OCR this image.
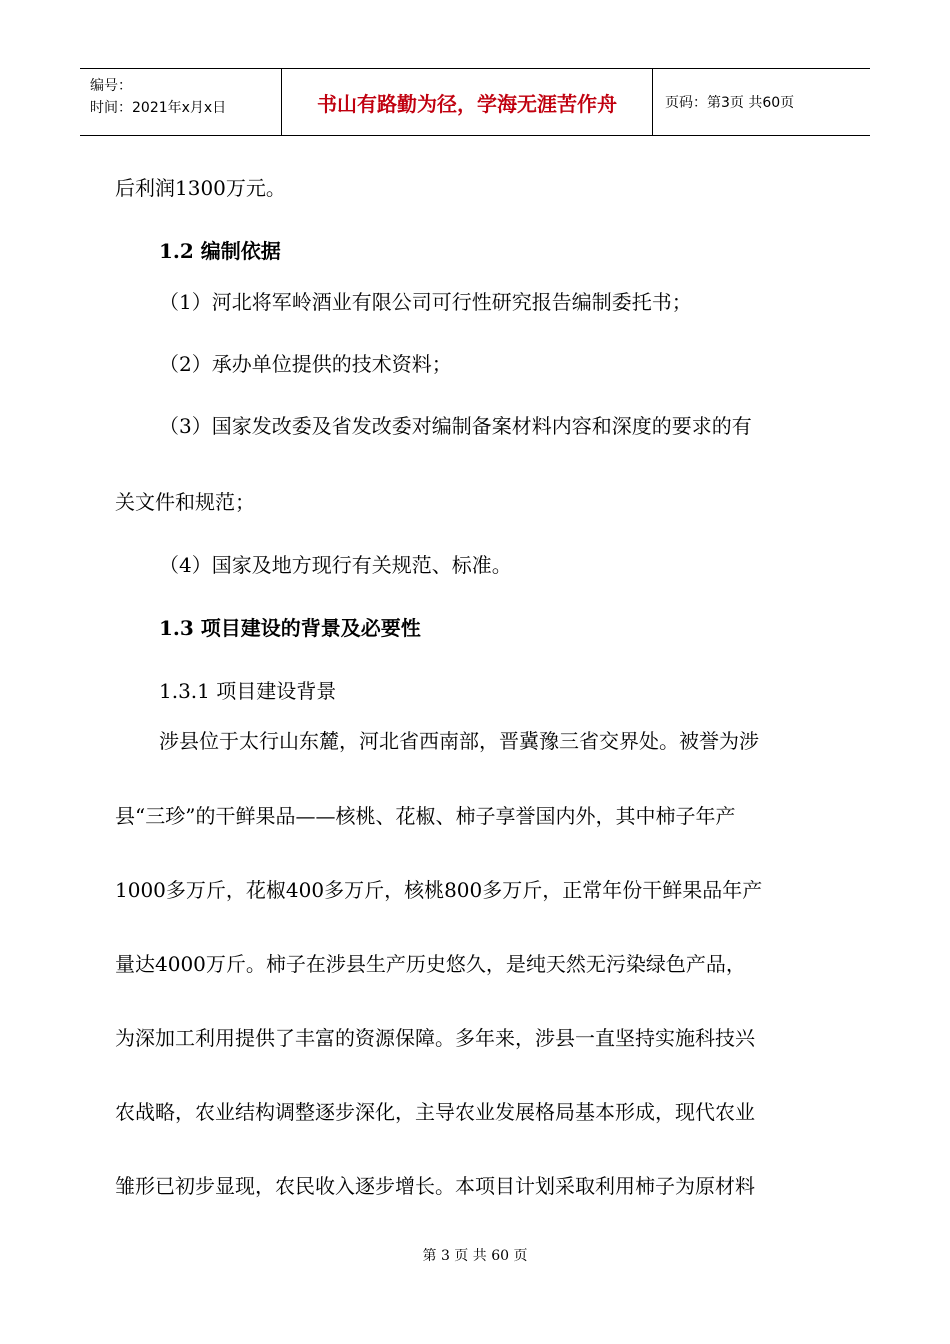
编号：
时间：2021年x月x日	书山有路勤为径，学海无涯苦作舟	页码：第3页 共60页
后利润1300万元。
1.2 编制依据
（1）河北将军岭酒业有限公司可行性研究报告编制委托书；
（2）承办单位提供的技术资料；
（3）国家发改委及省发改委对编制备案材料内容和深度的要求的有
关文件和规范；
（4）国家及地方现行有关规范、标准。
1.3 项目建设的背景及必要性
1.3.1 项目建设背景
涉县位于太行山东麓，河北省西南部，晋冀豫三省交界处。被誉为涉
县“三珍”的干鲜果品——核桃、花椒、柿子享誉国内外，其中柿子年产
1000多万斤，花椒400多万斤，核桃800多万斤，正常年份干鲜果品年产
量达4000万斤。柿子在涉县生产历史悠久，是纯天然无污染绿色产品，
为深加工利用提供了丰富的资源保障。多年来，涉县一直坚持实施科技兴
农战略，农业结构调整逐步深化，主导农业发展格局基本形成，现代农业
雏形已初步显现，农民收入逐步增长。本项目计划采取利用柿子为原材料
第 3 页 共 60 页
